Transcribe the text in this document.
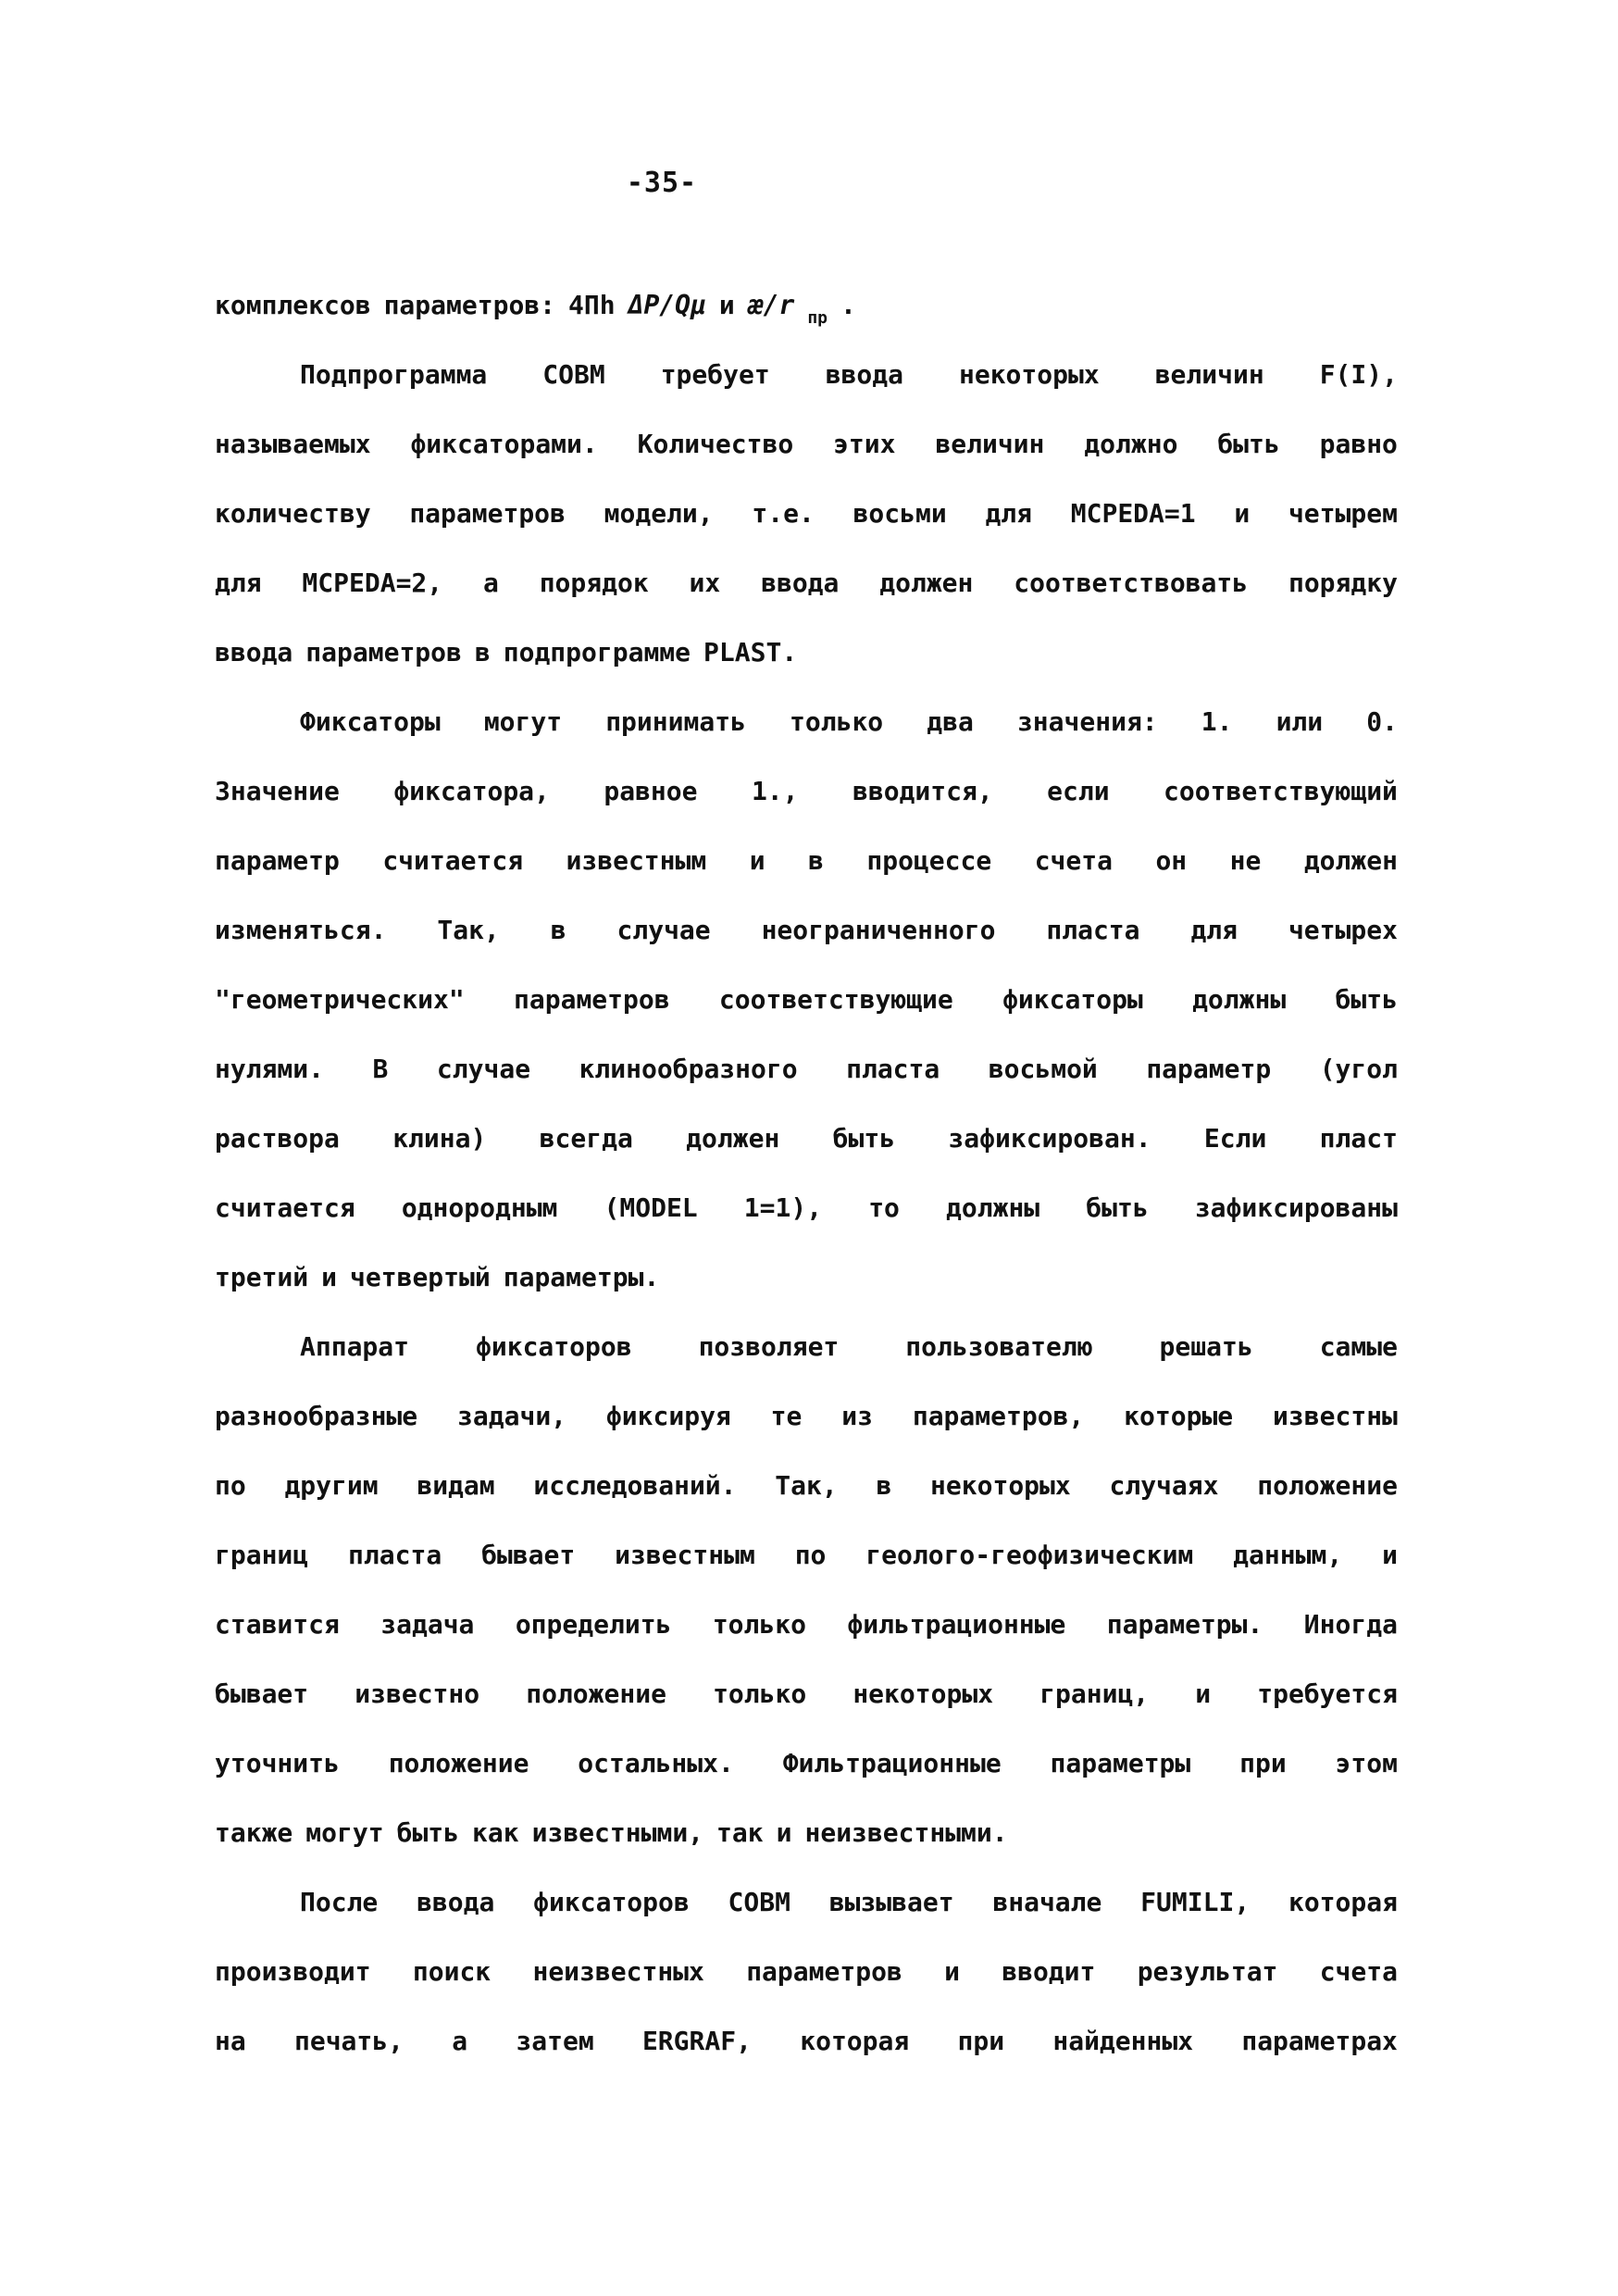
-35-
комплексов параметров: 4Пh ΔP/Qμ и æ/r пр .
Подпрограмма COBM требует ввода некоторых величин F(I),
называемых фиксаторами. Количество этих величин должно быть равно
количеству параметров модели, т.е. восьми для MCPEDA=1 и четырем
для MCPEDA=2, а порядок их ввода должен соответствовать порядку
ввода параметров в подпрограмме PLAST.
Фиксаторы могут принимать только два значения: 1. или 0.
Значение фиксатора, равное 1., вводится, если соответствующий
параметр считается известным и в процессе счета он не должен
изменяться. Так, в случае неограниченного пласта для четырех
"геометрических" параметров соответствующие фиксаторы должны быть
нулями. В случае клинообразного пласта восьмой параметр (угол
раствора клина) всегда должен быть зафиксирован. Если пласт
считается однородным (MODEL 1=1), то должны быть зафиксированы
третий и четвертый параметры.
Аппарат	фиксаторов	позволяет	пользователю	решать	самые
разнообразные задачи, фиксируя те из параметров, которые известны
по другим видам исследований. Так, в некоторых случаях положение
границ пласта бывает известным по геолого-геофизическим данным, и
ставится задача определить только фильтрационные параметры. Иногда
бывает известно положение только некоторых границ, и требуется
уточнить положение остальных. Фильтрационные параметры при этом
также могут быть как известными, так и неизвестными.
После ввода фиксаторов COBM вызывает вначале FUMILI, которая
производит поиск неизвестных параметров и вводит результат счета
на печать, а затем ERGRAF, которая при найденных параметрах
